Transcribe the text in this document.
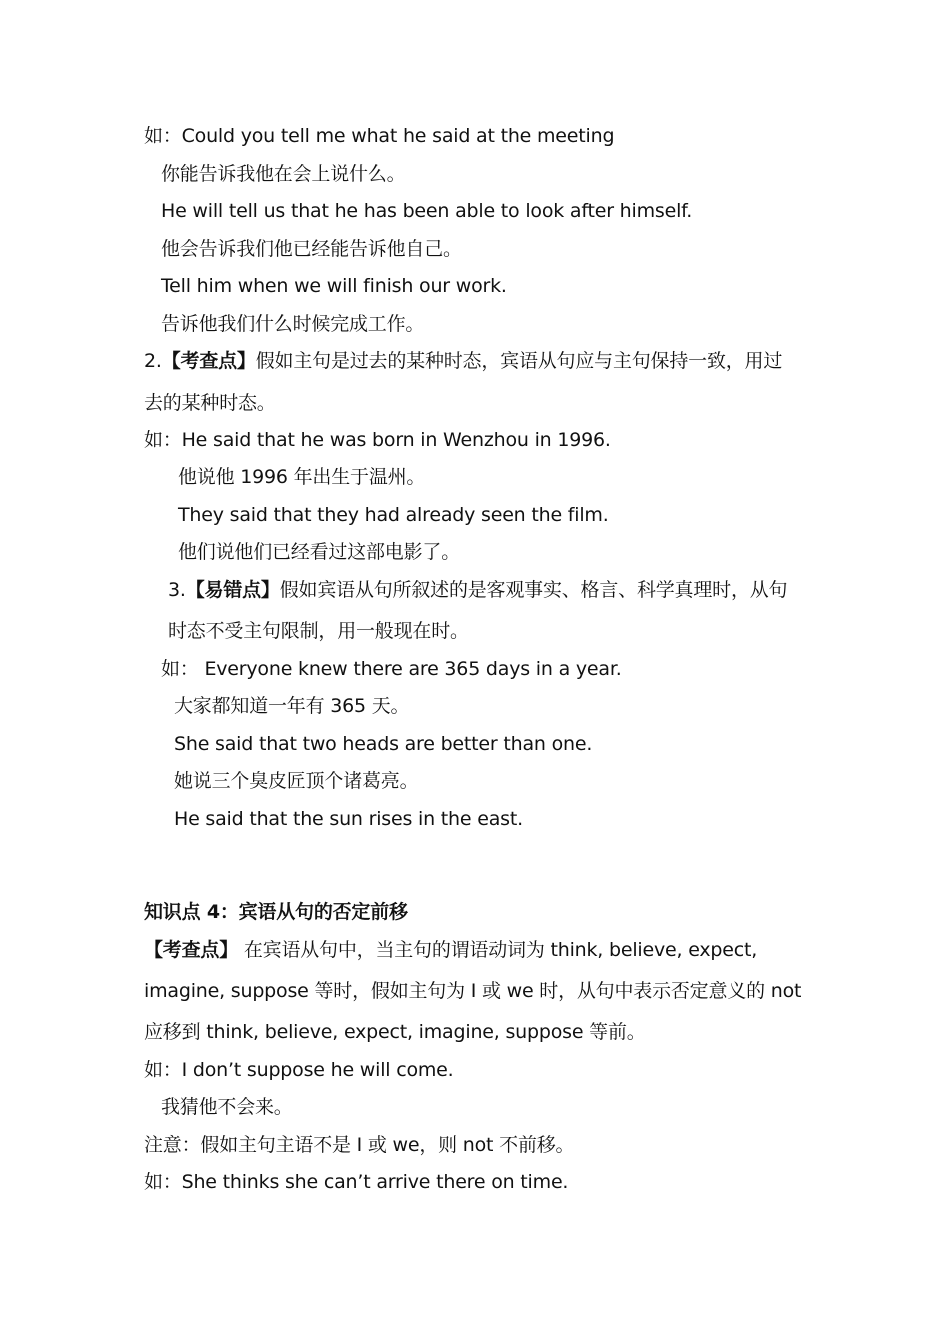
如：Could you tell me what he said at the meeting
你能告诉我他在会上说什么。
He will tell us that he has been able to look after himself.
他会告诉我们他已经能告诉他自己。
Tell him when we will finish our work.
告诉他我们什么时候完成工作。
2.【考查点】假如主句是过去的某种时态，宾语从句应与主句保持一致，用过
去的某种时态。
如：He said that he was born in Wenzhou in 1996.
他说他 1996 年出生于温州。
They said that they had already seen the film.
他们说他们已经看过这部电影了。
3.【易错点】假如宾语从句所叙述的是客观事实、格言、科学真理时，从句
时态不受主句限制，用一般现在时。
如： Everyone knew there are 365 days in a year.
大家都知道一年有 365 天。
She said that two heads are better than one.
她说三个臭皮匠顶个诸葛亮。
He said that the sun rises in the east.
知识点 4：宾语从句的否定前移
【考查点】 在宾语从句中，当主句的谓语动词为 think, believe, expect,
imagine, suppose 等时，假如主句为 I 或 we 时，从句中表示否定意义的 not
应移到 think, believe, expect, imagine, suppose 等前。
如：I don’t suppose he will come.
我猜他不会来。
注意：假如主句主语不是 I 或 we，则 not 不前移。
如：She thinks she can’t arrive there on time.
